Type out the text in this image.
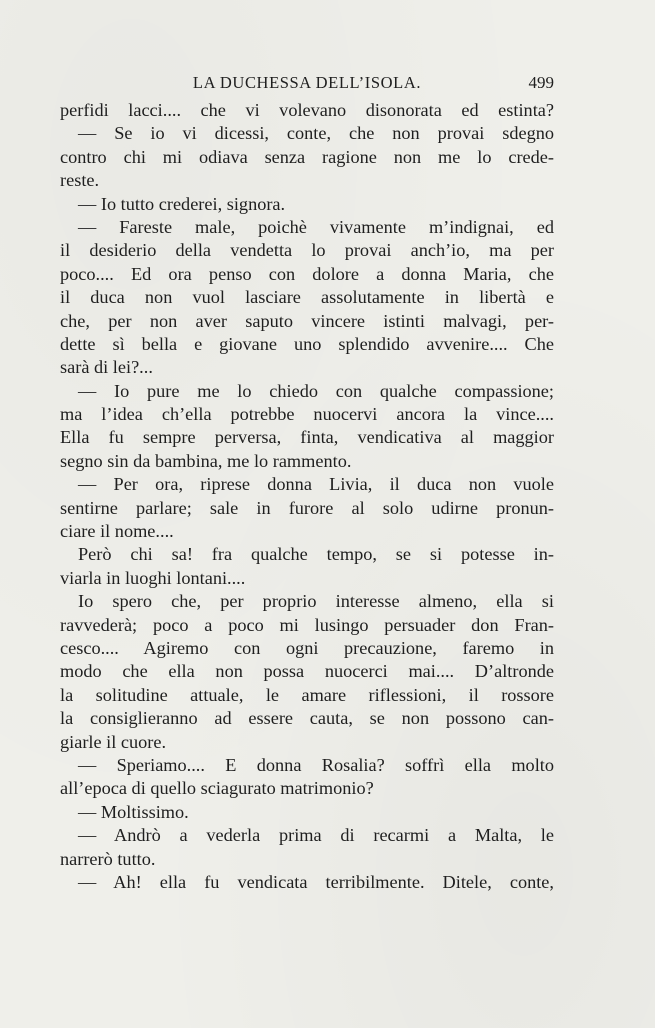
LA DUCHESSA DELL’ISOLA.	499
perfidi lacci.... che vi volevano disonorata ed estinta?
— Se io vi dicessi, conte, che non provai sdegno
contro chi mi odiava senza ragione non me lo crede-
reste.
— Io tutto crederei, signora.
— Fareste male, poichè vivamente m’indignai, ed
il desiderio della vendetta lo provai anch’io, ma per
poco.... Ed ora penso con dolore a donna Maria, che
il duca non vuol lasciare assolutamente in libertà e
che, per non aver saputo vincere istinti malvagi, per-
dette sì bella e giovane uno splendido avvenire.... Che
sarà di lei?...
— Io pure me lo chiedo con qualche compassione;
ma l’idea ch’ella potrebbe nuocervi ancora la vince....
Ella fu sempre perversa, finta, vendicativa al maggior
segno sin da bambina, me lo rammento.
— Per ora, riprese donna Livia, il duca non vuole
sentirne parlare; sale in furore al solo udirne pronun-
ciare il nome....
Però chi sa! fra qualche tempo, se si potesse in-
viarla in luoghi lontani....
Io spero che, per proprio interesse almeno, ella si
ravvederà; poco a poco mi lusingo persuader don Fran-
cesco.... Agiremo con ogni precauzione, faremo in
modo che ella non possa nuocerci mai.... D’altronde
la solitudine attuale, le amare riflessioni, il rossore
la consiglieranno ad essere cauta, se non possono can-
giarle il cuore.
— Speriamo.... E donna Rosalia? soffrì ella molto
all’epoca di quello sciagurato matrimonio?
— Moltissimo.
— Andrò a vederla prima di recarmi a Malta, le
narrerò tutto.
— Ah! ella fu vendicata terribilmente. Ditele, conte,
